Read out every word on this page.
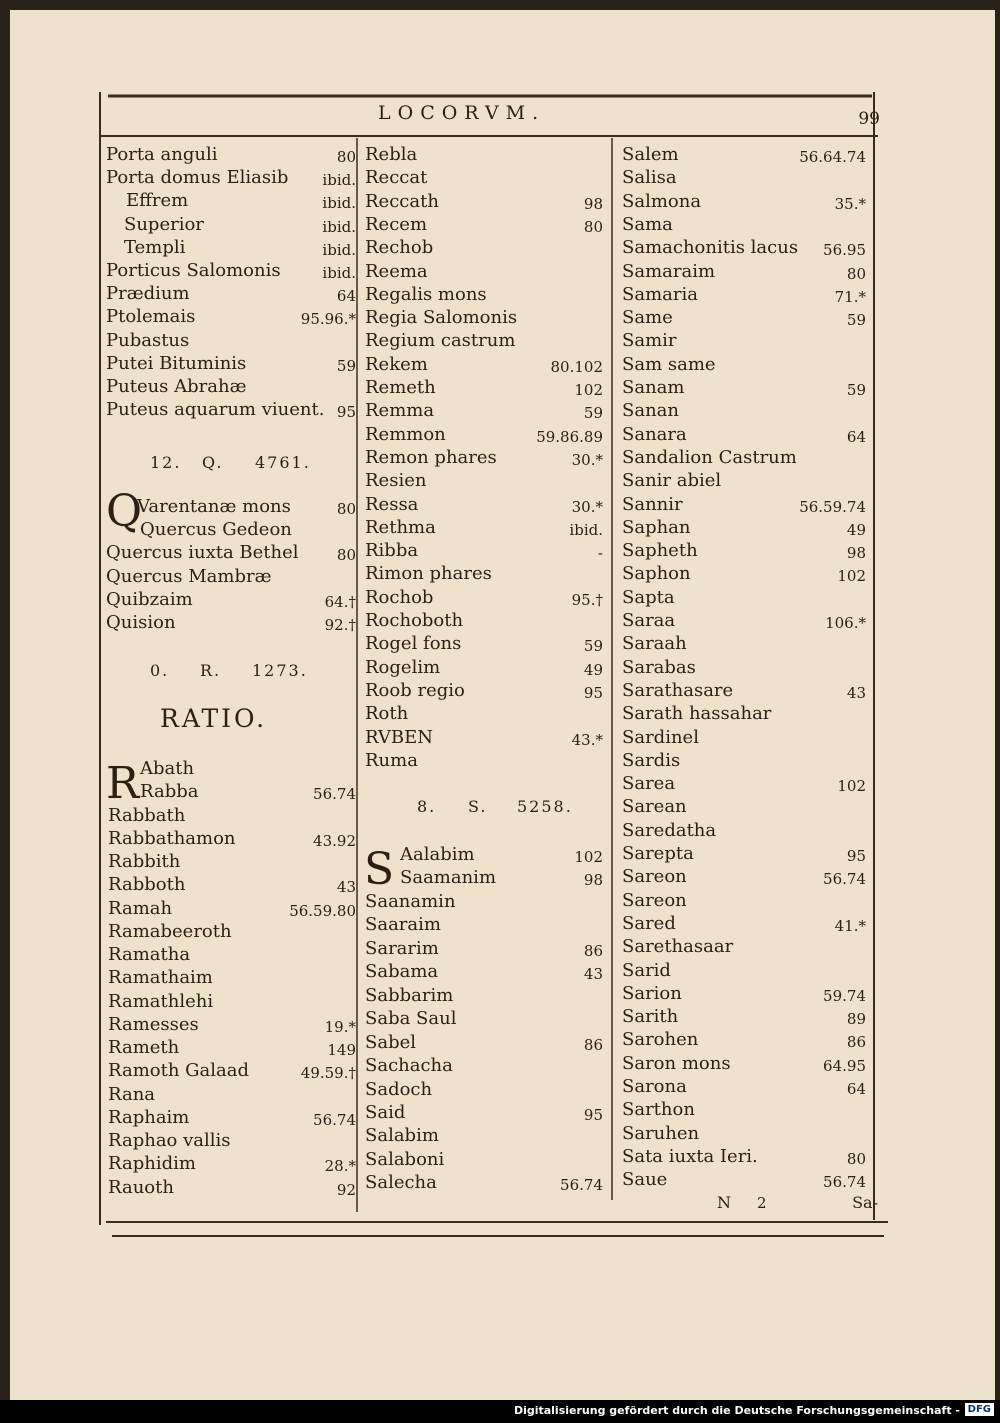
LOCORVM.	99
Porta anguli	80
Porta domus Eliasib	ibid.
Effrem	ibid.
Superior	ibid.
Templi	ibid.
Porticus Salomonis	ibid.
Prædium	64
Ptolemais	95.96.*
Pubastus
Putei Bituminis	59
Puteus Abrahæ
Puteus aquarum viuent. 95
Varentanæ mons	80
Quercus Gedeon
Quercus iuxta Bethel	80
Quercus Mambræ
Quibzaim	64.†
Quision	92.†
Abath
Rabba	56.74
Rabbath
Rabbathamon	43.92
Rabbith
Rabboth	43
Ramah	56.59.80
Ramabeeroth
Ramatha
Ramathaim
Ramathlehi
Ramesses	19.*
Rameth	149
Ramoth Galaad	49.59.†
Rana
Raphaim	56.74
Raphao vallis
Raphidim	28.*
Rauoth	92
Rebla
Reccat
Reccath	98
Recem	80
Rechob
Reema
Regalis mons
Regia Salomonis
Regium castrum
Rekem	80.102
Remeth	102
Remma	59
Remmon	59.86.89
Remon phares	30.*
Resien
Ressa	30.*
Rethma	ibid.
Ribba	-
Rimon phares
Rochob	95.†
Rochoboth
Rogel fons	59
Rogelim	49
Roob regio	95
Roth
RVBEN	43.*
Ruma
Aalabim	102
Saamanim	98
Saanamin
Saaraim
Sararim	86
Sabama	43
Sabbarim
Saba Saul
Sabel	86
Sachacha
Sadoch
Said	95
Salabim
Salaboni
Salecha	56.74
Salem	56.64.74
Salisa
Salmona	35.*
Sama
Samachonitis lacus	56.95
Samaraim	80
Samaria	71.*
Same	59
Samir
Sam same
Sanam	59
Sanan
Sanara	64
Sandalion Castrum
Sanir abiel
Sannir	56.59.74
Saphan	49
Sapheth	98
Saphon	102
Sapta
Saraa	106.*
Saraah
Sarabas
Sarathasare	43
Sarath hassahar
Sardinel
Sardis
Sarea	102
Sarean
Saredatha
Sarepta	95
Sareon	56.74
Sareon
Sared	41.*
Sarethasaar
Sarid
Sarion	59.74
Sarith	89
Sarohen	86
Saron mons	64.95
Sarona	64
Sarthon
Saruhen
Sata iuxta Ieri.	80
Saue	56.74
12. Q. 4761.
Q
0. R. 1273.
RATIO.
R	8. S. 5258.
S
N 2	Sa-
Digitalisierung gefördert durch die Deutsche Forschungsgemeinschaft - DFG
